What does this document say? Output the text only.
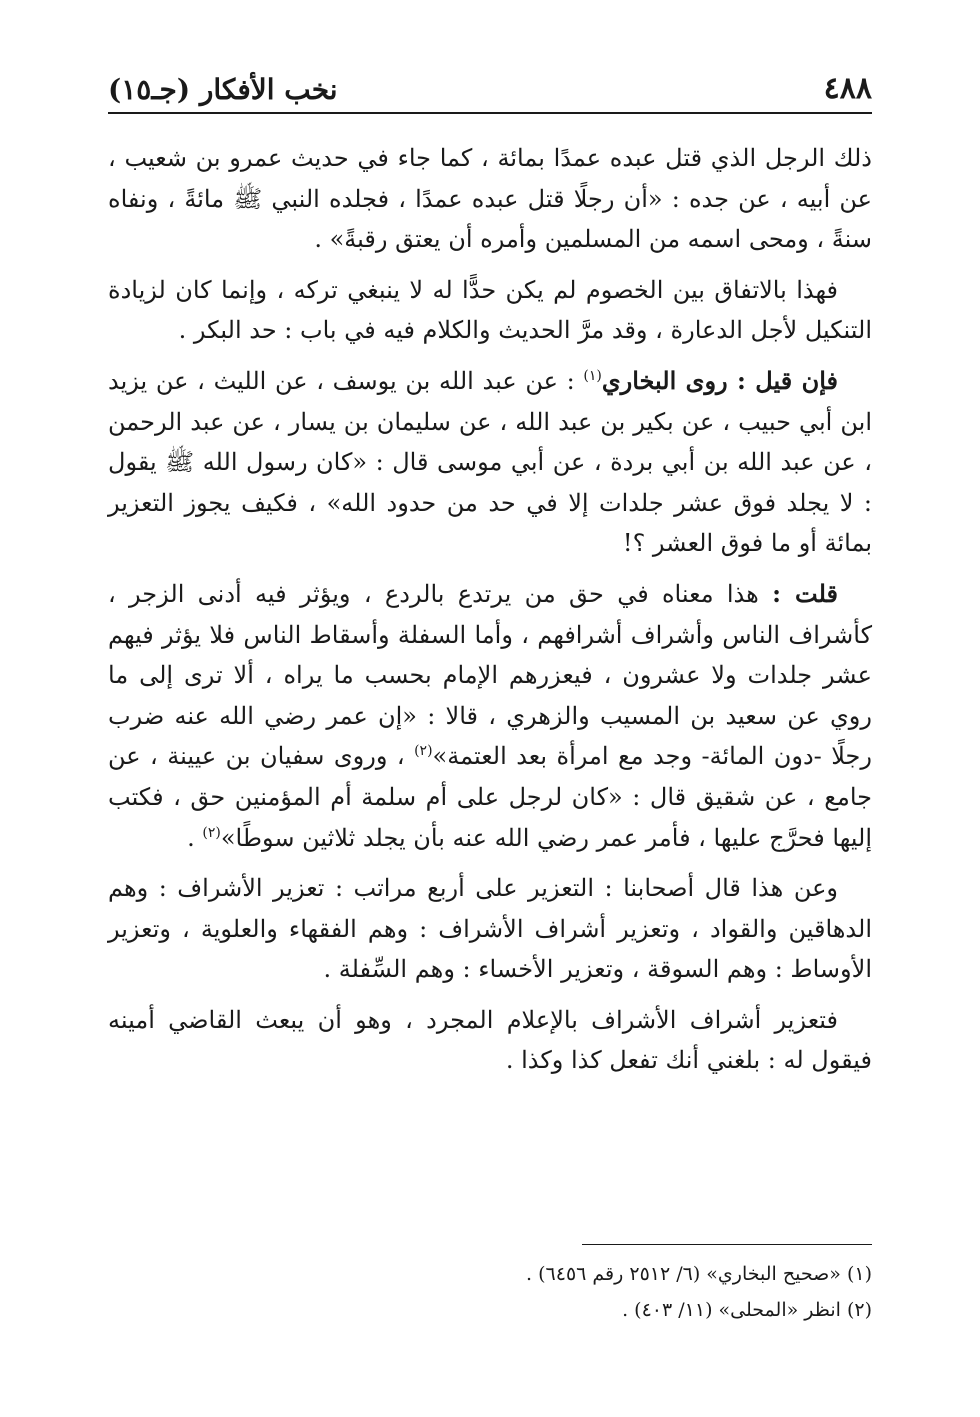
٤٨٨
نخب الأفكار (جـ١٥)

ذلك الرجل الذي قتل عبده عمدًا بمائة ، كما جاء في حديث عمرو بن شعيب ، عن أبيه ، عن جده : «أن رجلًا قتل عبده عمدًا ، فجلده النبي ﷺ مائةً ، ونفاه سنةً ، ومحى اسمه من المسلمين وأمره أن يعتق رقبةً» .

فهذا بالاتفاق بين الخصوم لم يكن حدًّا له لا ينبغي تركه ، وإنما كان لزيادة التنكيل لأجل الدعارة ، وقد مرَّ الحديث والكلام فيه في باب : حد البكر .

فإن قيل : روى البخاري$^{(١)}$ : عن عبد الله بن يوسف ، عن الليث ، عن يزيد ابن أبي حبيب ، عن بكير بن عبد الله ، عن سليمان بن يسار ، عن عبد الرحمن ، عن عبد الله بن أبي بردة ، عن أبي موسى قال : «كان رسول الله ﷺ يقول : لا يجلد فوق عشر جلدات إلا في حد من حدود الله» ، فكيف يجوز التعزير بمائة أو ما فوق العشر ؟!

قلت : هذا معناه في حق من يرتدع بالردع ، ويؤثر فيه أدنى الزجر ، كأشراف الناس وأشراف أشرافهم ، وأما السفلة وأسقاط الناس فلا يؤثر فيهم عشر جلدات ولا عشرون ، فيعزرهم الإمام بحسب ما يراه ، ألا ترى إلى ما روي عن سعيد بن المسيب والزهري ، قالا : «إن عمر رضي الله عنه ضرب رجلًا -دون المائة- وجد مع امرأة بعد العتمة»$^{(٢)}$ ، وروى سفيان بن عيينة ، عن جامع ، عن شقيق قال : «كان لرجل على أم سلمة أم المؤمنين حق ، فكتب إليها فحرَّج عليها ، فأمر عمر رضي الله عنه بأن يجلد ثلاثين سوطًا»$^{(٢)}$ .

وعن هذا قال أصحابنا : التعزير على أربع مراتب : تعزير الأشراف : وهم الدهاقين والقواد ، وتعزير أشراف الأشراف : وهم الفقهاء والعلوية ، وتعزير الأوساط : وهم السوقة ، وتعزير الأخساء : وهم السِّفلة .

فتعزير أشراف الأشراف بالإعلام المجرد ، وهو أن يبعث القاضي أمينه فيقول له : بلغني أنك تفعل كذا وكذا .

(١) «صحيح البخاري» (٦/ ٢٥١٢ رقم ٦٤٥٦) .

(٢) انظر «المحلى» (١١/ ٤٠٣) .
